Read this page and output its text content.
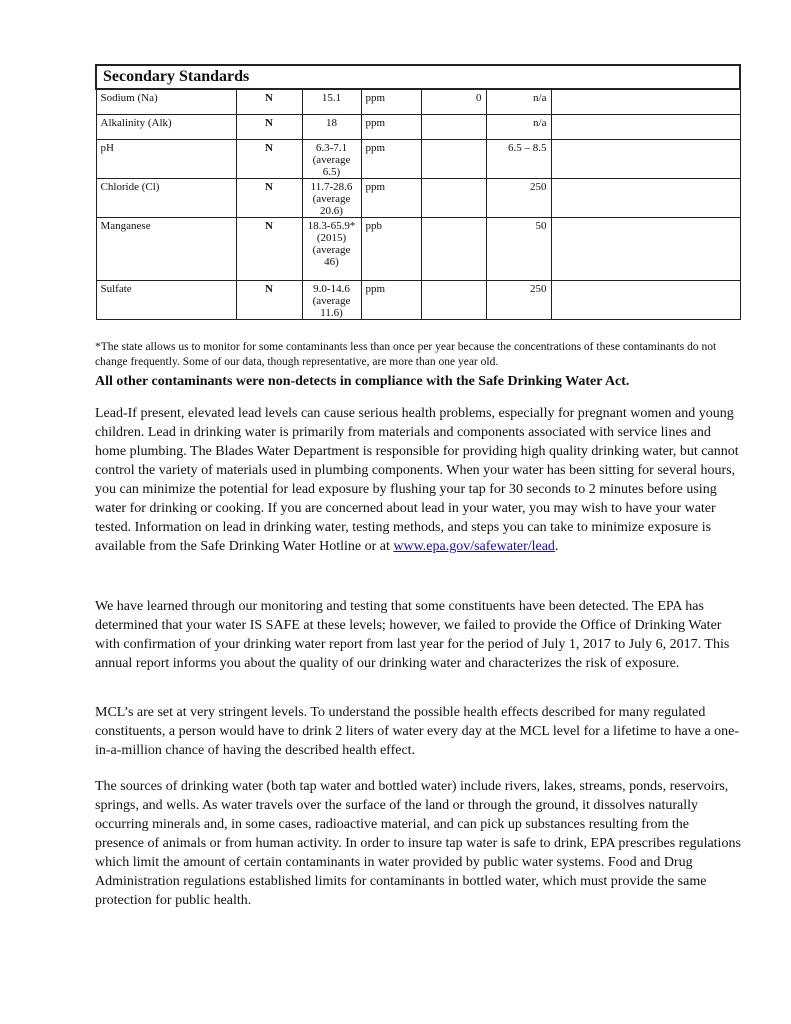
Secondary Standards						
Sodium (Na)	N	15.1	ppm	0	n/a	
Alkalinity (Alk)	N	18	ppm		n/a	
pH	N	6.3-7.1 (average 6.5)	ppm		6.5 – 8.5	
Chloride (Cl)	N	11.7-28.6 (average 20.6)	ppm		250	
Manganese	N	18.3-65.9* (2015) (average 46)	ppb		50	
Sulfate	N	9.0-14.6 (average 11.6)	ppm		250	
*The state allows us to monitor for some contaminants less than once per year because the concentrations of these contaminants do not change frequently. Some of our data, though representative, are more than one year old.
All other contaminants were non-detects in compliance with the Safe Drinking Water Act.

Lead-If present, elevated lead levels can cause serious health problems, especially for pregnant women and young children. Lead in drinking water is primarily from materials and components associated with service lines and home plumbing. The Blades Water Department is responsible for providing high quality drinking water, but cannot control the variety of materials used in plumbing components. When your water has been sitting for several hours, you can minimize the potential for lead exposure by flushing your tap for 30 seconds to 2 minutes before using water for drinking or cooking. If you are concerned about lead in your water, you may wish to have your water tested. Information on lead in drinking water, testing methods, and steps you can take to minimize exposure is available from the Safe Drinking Water Hotline or at www.epa.gov/safewater/lead.

We have learned through our monitoring and testing that some constituents have been detected. The EPA has determined that your water IS SAFE at these levels; however, we failed to provide the Office of Drinking Water with confirmation of your drinking water report from last year for the period of July 1, 2017 to July 6, 2017. This annual report informs you about the quality of our drinking water and characterizes the risk of exposure.

MCL’s are set at very stringent levels. To understand the possible health effects described for many regulated constituents, a person would have to drink 2 liters of water every day at the MCL level for a lifetime to have a one-in-a-million chance of having the described health effect.

The sources of drinking water (both tap water and bottled water) include rivers, lakes, streams, ponds, reservoirs, springs, and wells. As water travels over the surface of the land or through the ground, it dissolves naturally occurring minerals and, in some cases, radioactive material, and can pick up substances resulting from the presence of animals or from human activity. In order to insure tap water is safe to drink, EPA prescribes regulations which limit the amount of certain contaminants in water provided by public water systems. Food and Drug Administration regulations established limits for contaminants in bottled water, which must provide the same protection for public health.
